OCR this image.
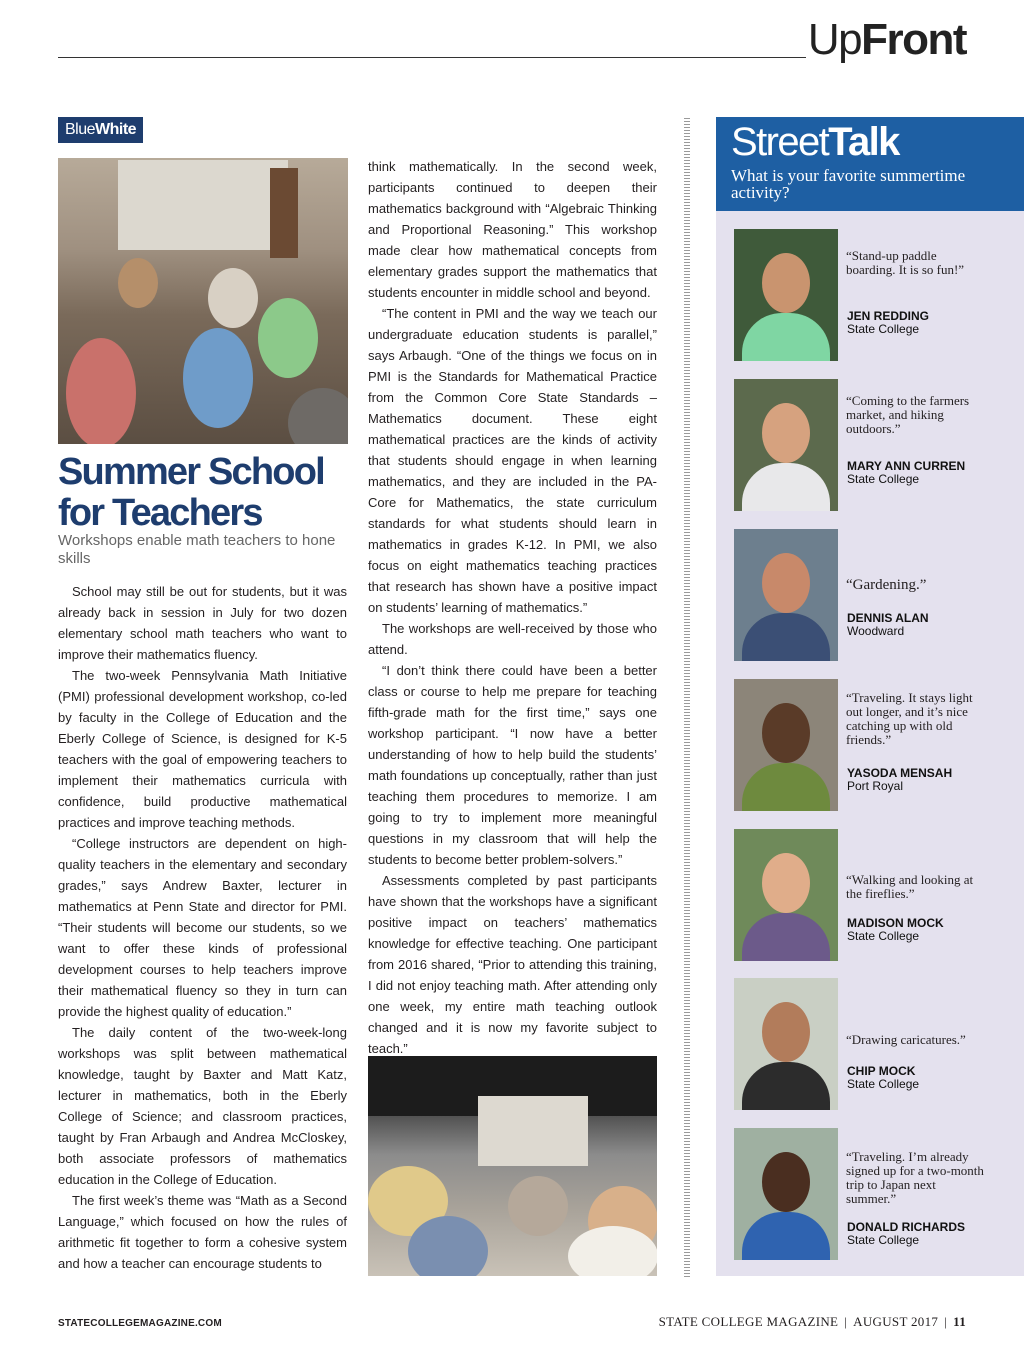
UpFront
BlueWhite
Summer School
for Teachers
Workshops enable math teachers to hone skills

School may still be out for students, but it was already back in session in July for two dozen elementary school math teachers who want to improve their mathematics fluency.

The two-week Pennsylvania Math Initiative (PMI) professional development workshop, co-led by faculty in the College of Education and the Eberly College of Science, is designed for K-5 teachers with the goal of empowering teachers to implement their mathematics curricula with confidence, build productive mathematical practices and improve teaching methods.

“College instructors are dependent on high-quality teachers in the elementary and secondary grades,” says Andrew Baxter, lecturer in mathematics at Penn State and director for PMI. “Their students will become our students, so we want to offer these kinds of professional development courses to help teachers improve their mathematical fluency so they in turn can provide the highest quality of education.”

The daily content of the two-week-long workshops was split between mathematical knowledge, taught by Baxter and Matt Katz, lecturer in mathematics, both in the Eberly College of Science; and classroom practices, taught by Fran Arbaugh and Andrea McCloskey, both associate professors of mathematics education in the College of Education.

The first week’s theme was “Math as a Second Language,” which focused on how the rules of arithmetic fit together to form a cohesive system and how a teacher can encourage students to

think mathematically. In the second week, participants continued to deepen their mathematics background with “Algebraic Thinking and Proportional Reasoning.” This workshop made clear how mathematical concepts from elementary grades support the mathematics that students encounter in middle school and beyond.

“The content in PMI and the way we teach our undergraduate education students is parallel,” says Arbaugh. “One of the things we focus on in PMI is the Standards for Mathematical Practice from the Common Core State Standards – Mathematics document. These eight mathematical practices are the kinds of activity that students should engage in when learning mathematics, and they are included in the PA-Core for Mathematics, the state curriculum standards for what students should learn in mathematics in grades K-12. In PMI, we also focus on eight mathematics teaching practices that research has shown have a positive impact on students’ learning of mathematics.”

The workshops are well-received by those who attend.

“I don’t think there could have been a better class or course to help me prepare for teaching fifth-grade math for the first time,” says one workshop participant. “I now have a better understanding of how to help build the students’ math foundations up conceptually, rather than just teaching them procedures to memorize. I am going to try to implement more meaningful questions in my classroom that will help the students to become better problem-solvers.”

Assessments completed by past participants have shown that the workshops have a significant positive impact on teachers’ mathematics knowledge for effective teaching. One participant from 2016 shared, “Prior to attending this training, I did not enjoy teaching math. After attending only one week, my entire math teaching outlook changed and it is now my favorite subject to teach.”

StreetTalk
What is your favorite summertime activity?
“Stand-up paddle boarding. It is so fun!”
JEN REDDING
State College
“Coming to the farmers market, and hiking outdoors.”
MARY ANN CURREN
State College
“Gardening.”
DENNIS ALAN
Woodward
“Traveling. It stays light out longer, and it’s nice catching up with old friends.”
YASODA MENSAH
Port Royal
“Walking and looking at the fireflies.”
MADISON MOCK
State College
“Drawing caricatures.”
CHIP MOCK
State College
“Traveling. I’m already signed up for a two-month trip to Japan next summer.”
DONALD RICHARDS
State College
STATECOLLEGEMAGAZINE.COM	STATE COLLEGE MAGAZINE | AUGUST 2017 | 11
